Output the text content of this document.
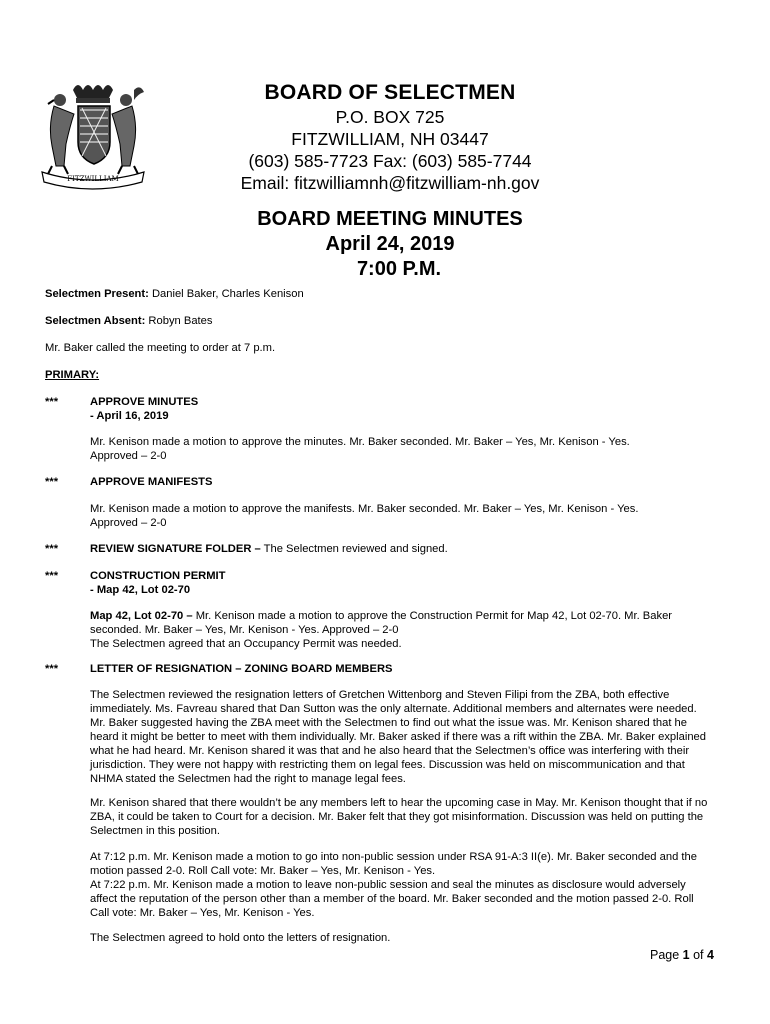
FITZWILLIAM
BOARD OF SELECTMEN
P.O. BOX 725
FITZWILLIAM, NH 03447
(603) 585-7723 Fax: (603) 585-7744
Email: fitzwilliamnh@fitzwilliam-nh.gov
BOARD MEETING MINUTES
April 24, 2019
7:00 P.M.
Selectmen Present: Daniel Baker, Charles Kenison
Selectmen Absent: Robyn Bates
Mr. Baker called the meeting to order at 7 p.m.
PRIMARY:
***	APPROVE MINUTES
- April 16, 2019
Mr. Kenison made a motion to approve the minutes. Mr. Baker seconded. Mr. Baker – Yes, Mr. Kenison - Yes.
Approved – 2-0
***	APPROVE MANIFESTS
Mr. Kenison made a motion to approve the manifests. Mr. Baker seconded. Mr. Baker – Yes, Mr. Kenison - Yes.
Approved – 2-0
***	REVIEW SIGNATURE FOLDER – The Selectmen reviewed and signed.
***	CONSTRUCTION PERMIT
- Map 42, Lot 02-70
Map 42, Lot 02-70 – Mr. Kenison made a motion to approve the Construction Permit for Map 42, Lot 02-70. Mr. Baker
seconded. Mr. Baker – Yes, Mr. Kenison - Yes. Approved – 2-0
The Selectmen agreed that an Occupancy Permit was needed.
***	LETTER OF RESIGNATION – ZONING BOARD MEMBERS
The Selectmen reviewed the resignation letters of Gretchen Wittenborg and Steven Filipi from the ZBA, both effective
immediately. Ms. Favreau shared that Dan Sutton was the only alternate. Additional members and alternates were needed.
Mr. Baker suggested having the ZBA meet with the Selectmen to find out what the issue was. Mr. Kenison shared that he
heard it might be better to meet with them individually. Mr. Baker asked if there was a rift within the ZBA. Mr. Baker explained
what he had heard. Mr. Kenison shared it was that and he also heard that the Selectmen’s office was interfering with their
jurisdiction. They were not happy with restricting them on legal fees. Discussion was held on miscommunication and that
NHMA stated the Selectmen had the right to manage legal fees.
Mr. Kenison shared that there wouldn’t be any members left to hear the upcoming case in May. Mr. Kenison thought that if no
ZBA, it could be taken to Court for a decision. Mr. Baker felt that they got misinformation. Discussion was held on putting the
Selectmen in this position.
At 7:12 p.m. Mr. Kenison made a motion to go into non-public session under RSA 91-A:3 II(e). Mr. Baker seconded and the
motion passed 2-0. Roll Call vote: Mr. Baker – Yes, Mr. Kenison - Yes.
At 7:22 p.m. Mr. Kenison made a motion to leave non-public session and seal the minutes as disclosure would adversely
affect the reputation of the person other than a member of the board. Mr. Baker seconded and the motion passed 2-0. Roll
Call vote: Mr. Baker – Yes, Mr. Kenison - Yes.
The Selectmen agreed to hold onto the letters of resignation.
Page 1 of 4
